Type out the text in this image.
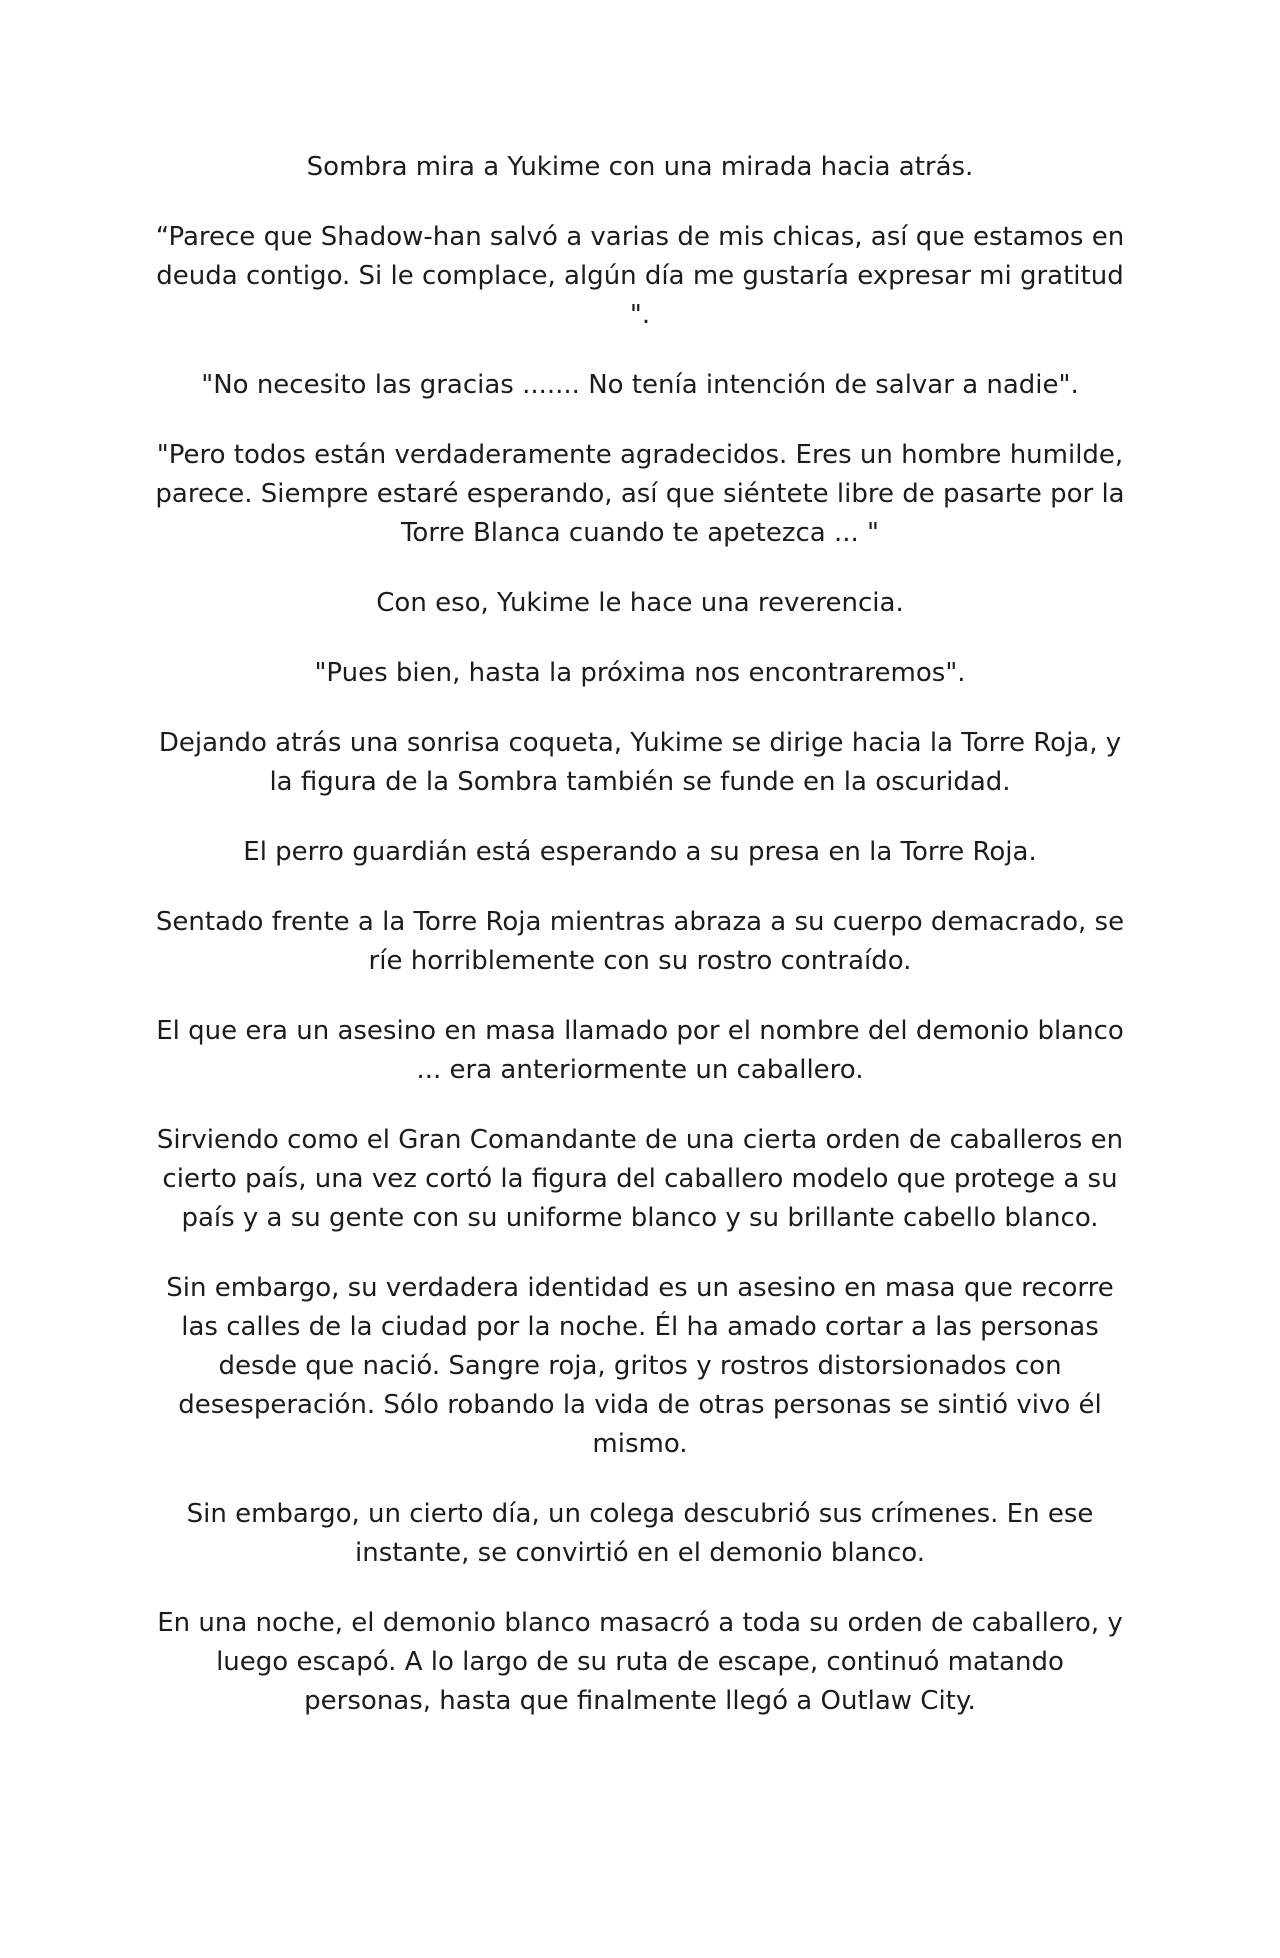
Sombra mira a Yukime con una mirada hacia atrás.

“Parece que Shadow-han salvó a varias de mis chicas, así que estamos en deuda contigo. Si le complace, algún día me gustaría expresar mi gratitud ".

"No necesito las gracias ....... No tenía intención de salvar a nadie".

"Pero todos están verdaderamente agradecidos. Eres un hombre humilde, parece. Siempre estaré esperando, así que siéntete libre de pasarte por la Torre Blanca cuando te apetezca ... "

Con eso, Yukime le hace una reverencia.

"Pues bien, hasta la próxima nos encontraremos".

Dejando atrás una sonrisa coqueta, Yukime se dirige hacia la Torre Roja, y la figura de la Sombra también se funde en la oscuridad.

El perro guardián está esperando a su presa en la Torre Roja.

Sentado frente a la Torre Roja mientras abraza a su cuerpo demacrado, se ríe horriblemente con su rostro contraído.

El que era un asesino en masa llamado por el nombre del demonio blanco ... era anteriormente un caballero.

Sirviendo como el Gran Comandante de una cierta orden de caballeros en cierto país, una vez cortó la figura del caballero modelo que protege a su país y a su gente con su uniforme blanco y su brillante cabello blanco.

Sin embargo, su verdadera identidad es un asesino en masa que recorre las calles de la ciudad por la noche. Él ha amado cortar a las personas desde que nació. Sangre roja, gritos y rostros distorsionados con desesperación. Sólo robando la vida de otras personas se sintió vivo él mismo.

Sin embargo, un cierto día, un colega descubrió sus crímenes. En ese instante, se convirtió en el demonio blanco.

En una noche, el demonio blanco masacró a toda su orden de caballero, y luego escapó. A lo largo de su ruta de escape, continuó matando personas, hasta que finalmente llegó a Outlaw City.
